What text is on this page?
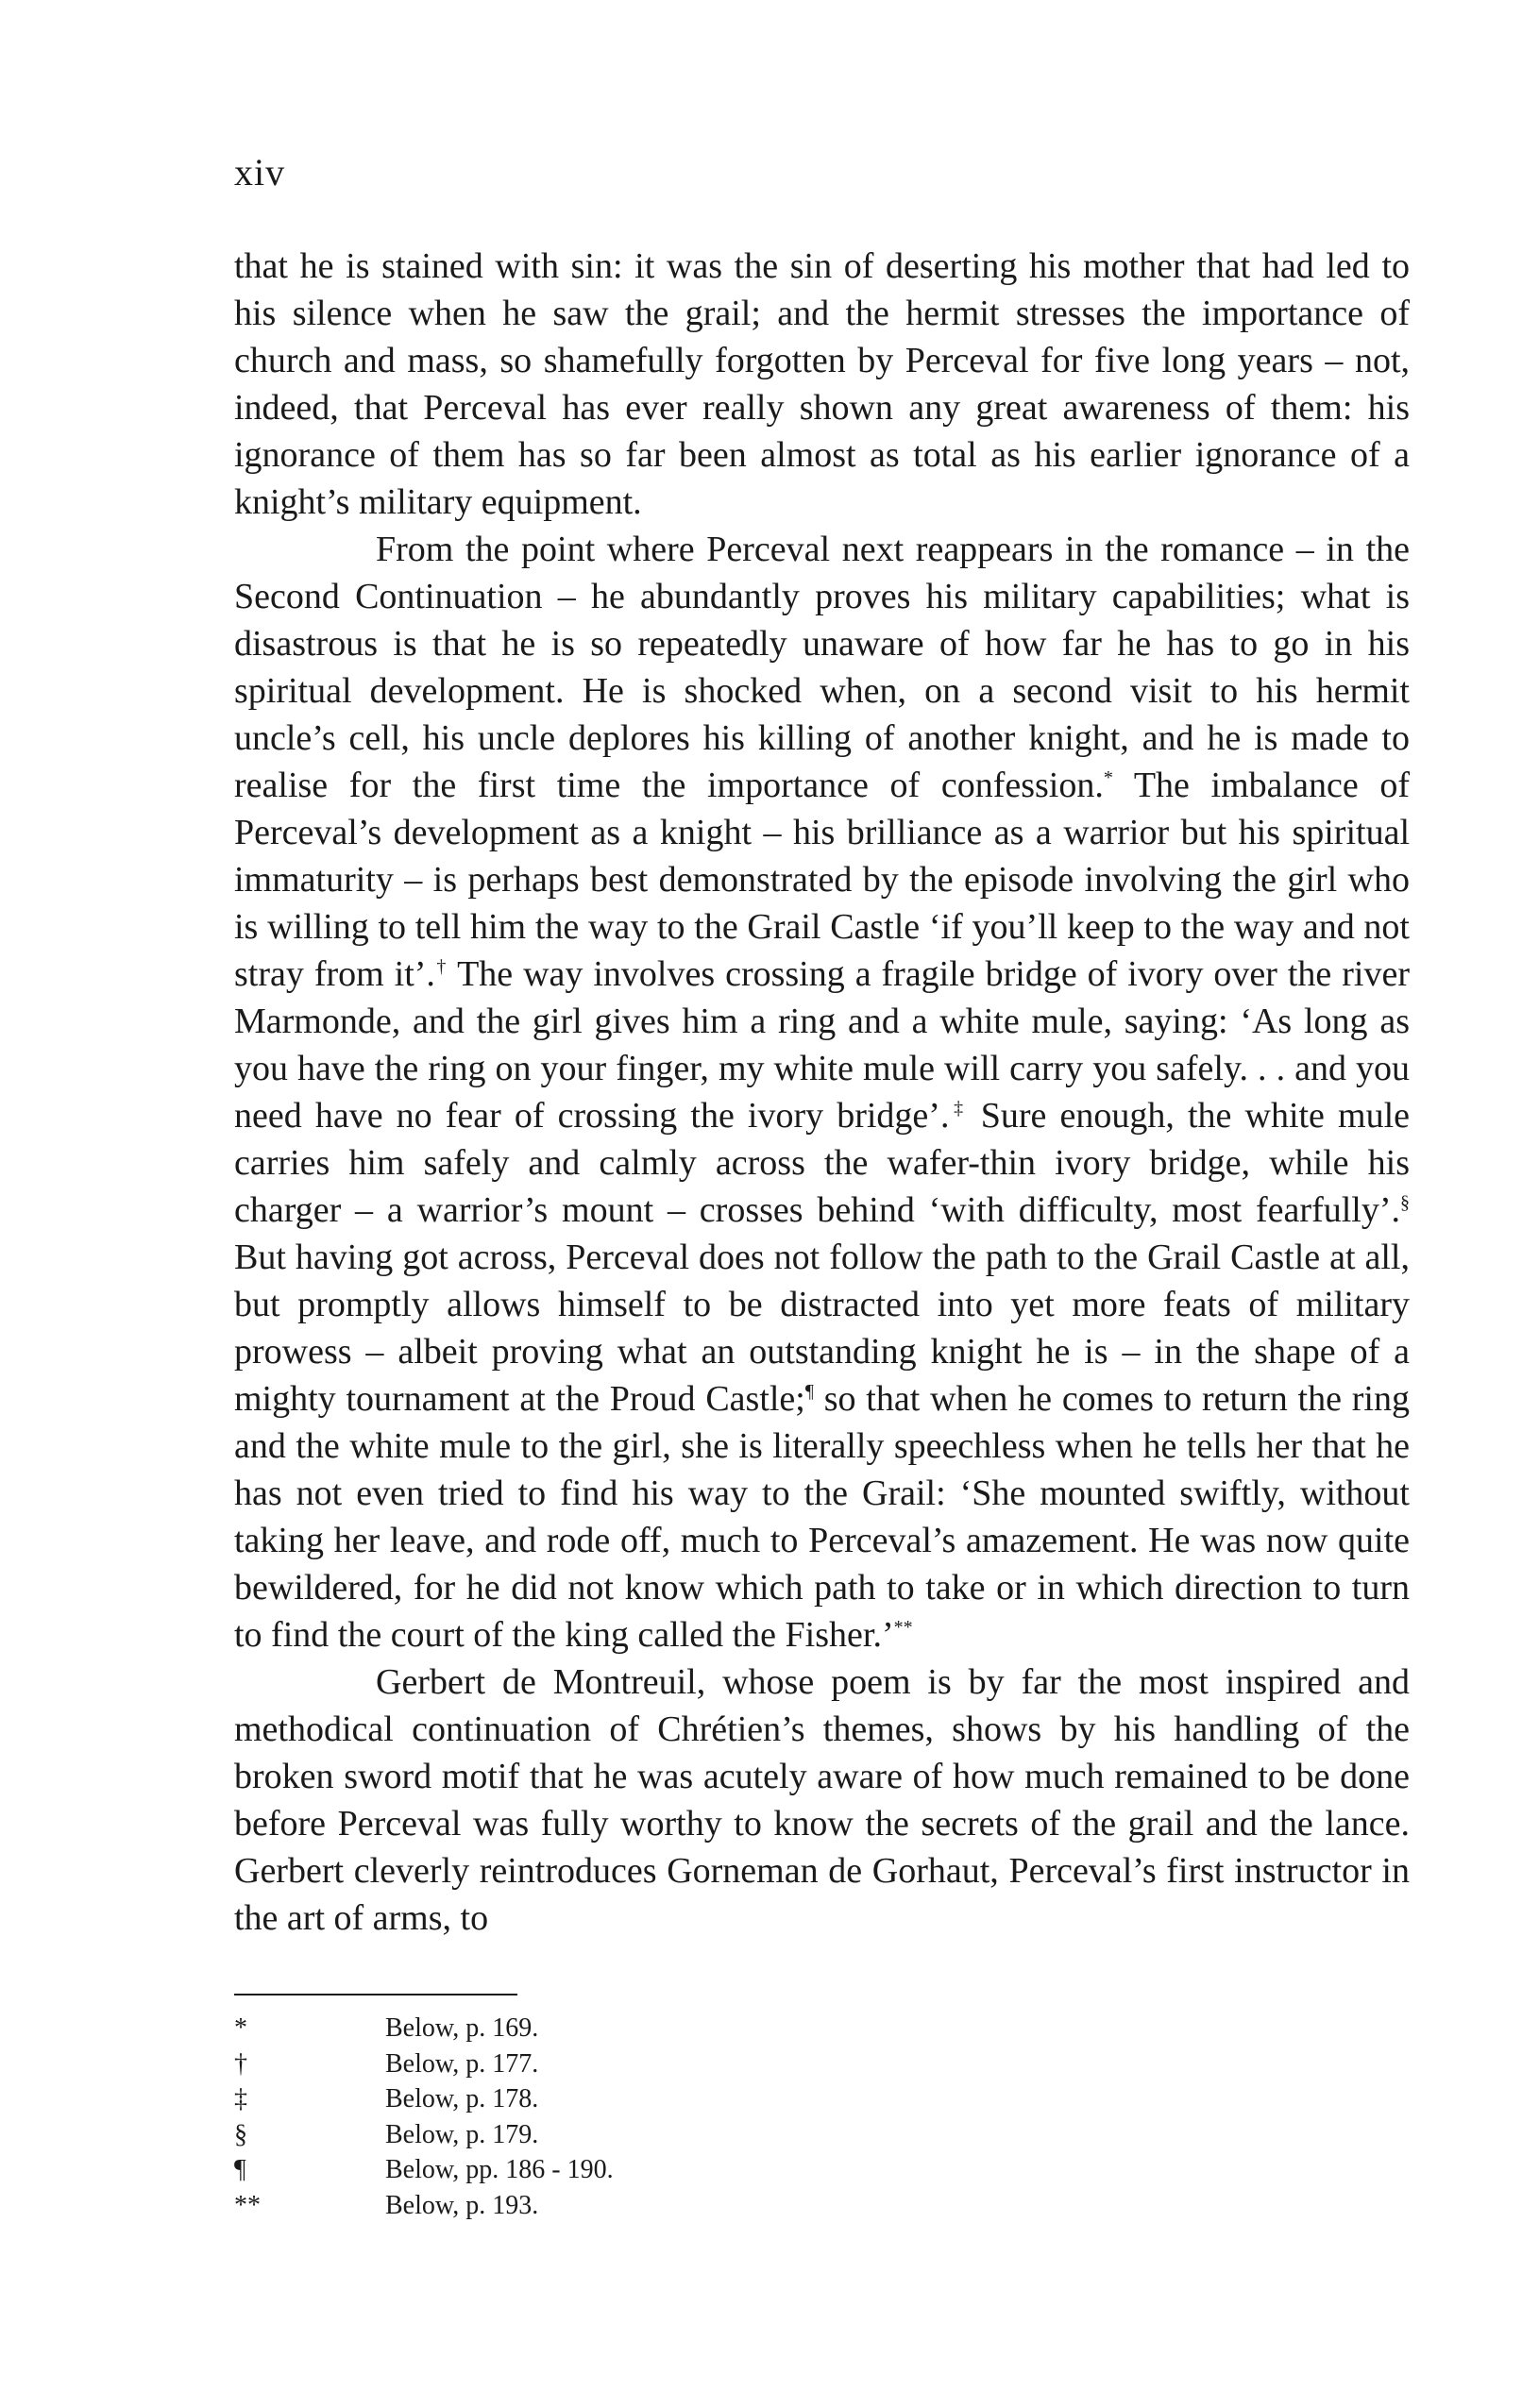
xiv

that he is stained with sin: it was the sin of deserting his mother that had led to his silence when he saw the grail; and the hermit stresses the importance of church and mass, so shamefully forgotten by Perceval for five long years – not, indeed, that Perceval has ever really shown any great awareness of them: his ignorance of them has so far been almost as total as his earlier ignorance of a knight’s military equipment.

From the point where Perceval next reappears in the romance – in the Second Continuation – he abundantly proves his military capabilities; what is disastrous is that he is so repeatedly unaware of how far he has to go in his spiritual development. He is shocked when, on a second visit to his hermit uncle’s cell, his uncle deplores his killing of another knight, and he is made to realise for the first time the importance of confession.* The imbalance of Perceval’s development as a knight – his brilliance as a warrior but his spiritual immaturity – is perhaps best demonstrated by the episode involving the girl who is willing to tell him the way to the Grail Castle ‘if you’ll keep to the way and not stray from it’.† The way involves crossing a fragile bridge of ivory over the river Marmonde, and the girl gives him a ring and a white mule, saying: ‘As long as you have the ring on your finger, my white mule will carry you safely. . . and you need have no fear of crossing the ivory bridge’.‡ Sure enough, the white mule carries him safely and calmly across the wafer-thin ivory bridge, while his charger – a warrior’s mount – crosses behind ‘with difficulty, most fearfully’.§ But having got across, Perceval does not follow the path to the Grail Castle at all, but promptly allows himself to be distracted into yet more feats of military prowess – albeit proving what an outstanding knight he is – in the shape of a mighty tournament at the Proud Castle;¶ so that when he comes to return the ring and the white mule to the girl, she is literally speechless when he tells her that he has not even tried to find his way to the Grail: ‘She mounted swiftly, without taking her leave, and rode off, much to Perceval’s amazement. He was now quite bewildered, for he did not know which path to take or in which direction to turn to find the court of the king called the Fisher.’**

Gerbert de Montreuil, whose poem is by far the most inspired and methodical continuation of Chrétien’s themes, shows by his handling of the broken sword motif that he was acutely aware of how much remained to be done before Perceval was fully worthy to know the secrets of the grail and the lance. Gerbert cleverly reintroduces Gorneman de Gorhaut, Perceval’s first instructor in the art of arms, to

*	Below, p. 169.
†	Below, p. 177.
‡	Below, p. 178.
§	Below, p. 179.
¶	Below, pp. 186 - 190.
**	Below, p. 193.
